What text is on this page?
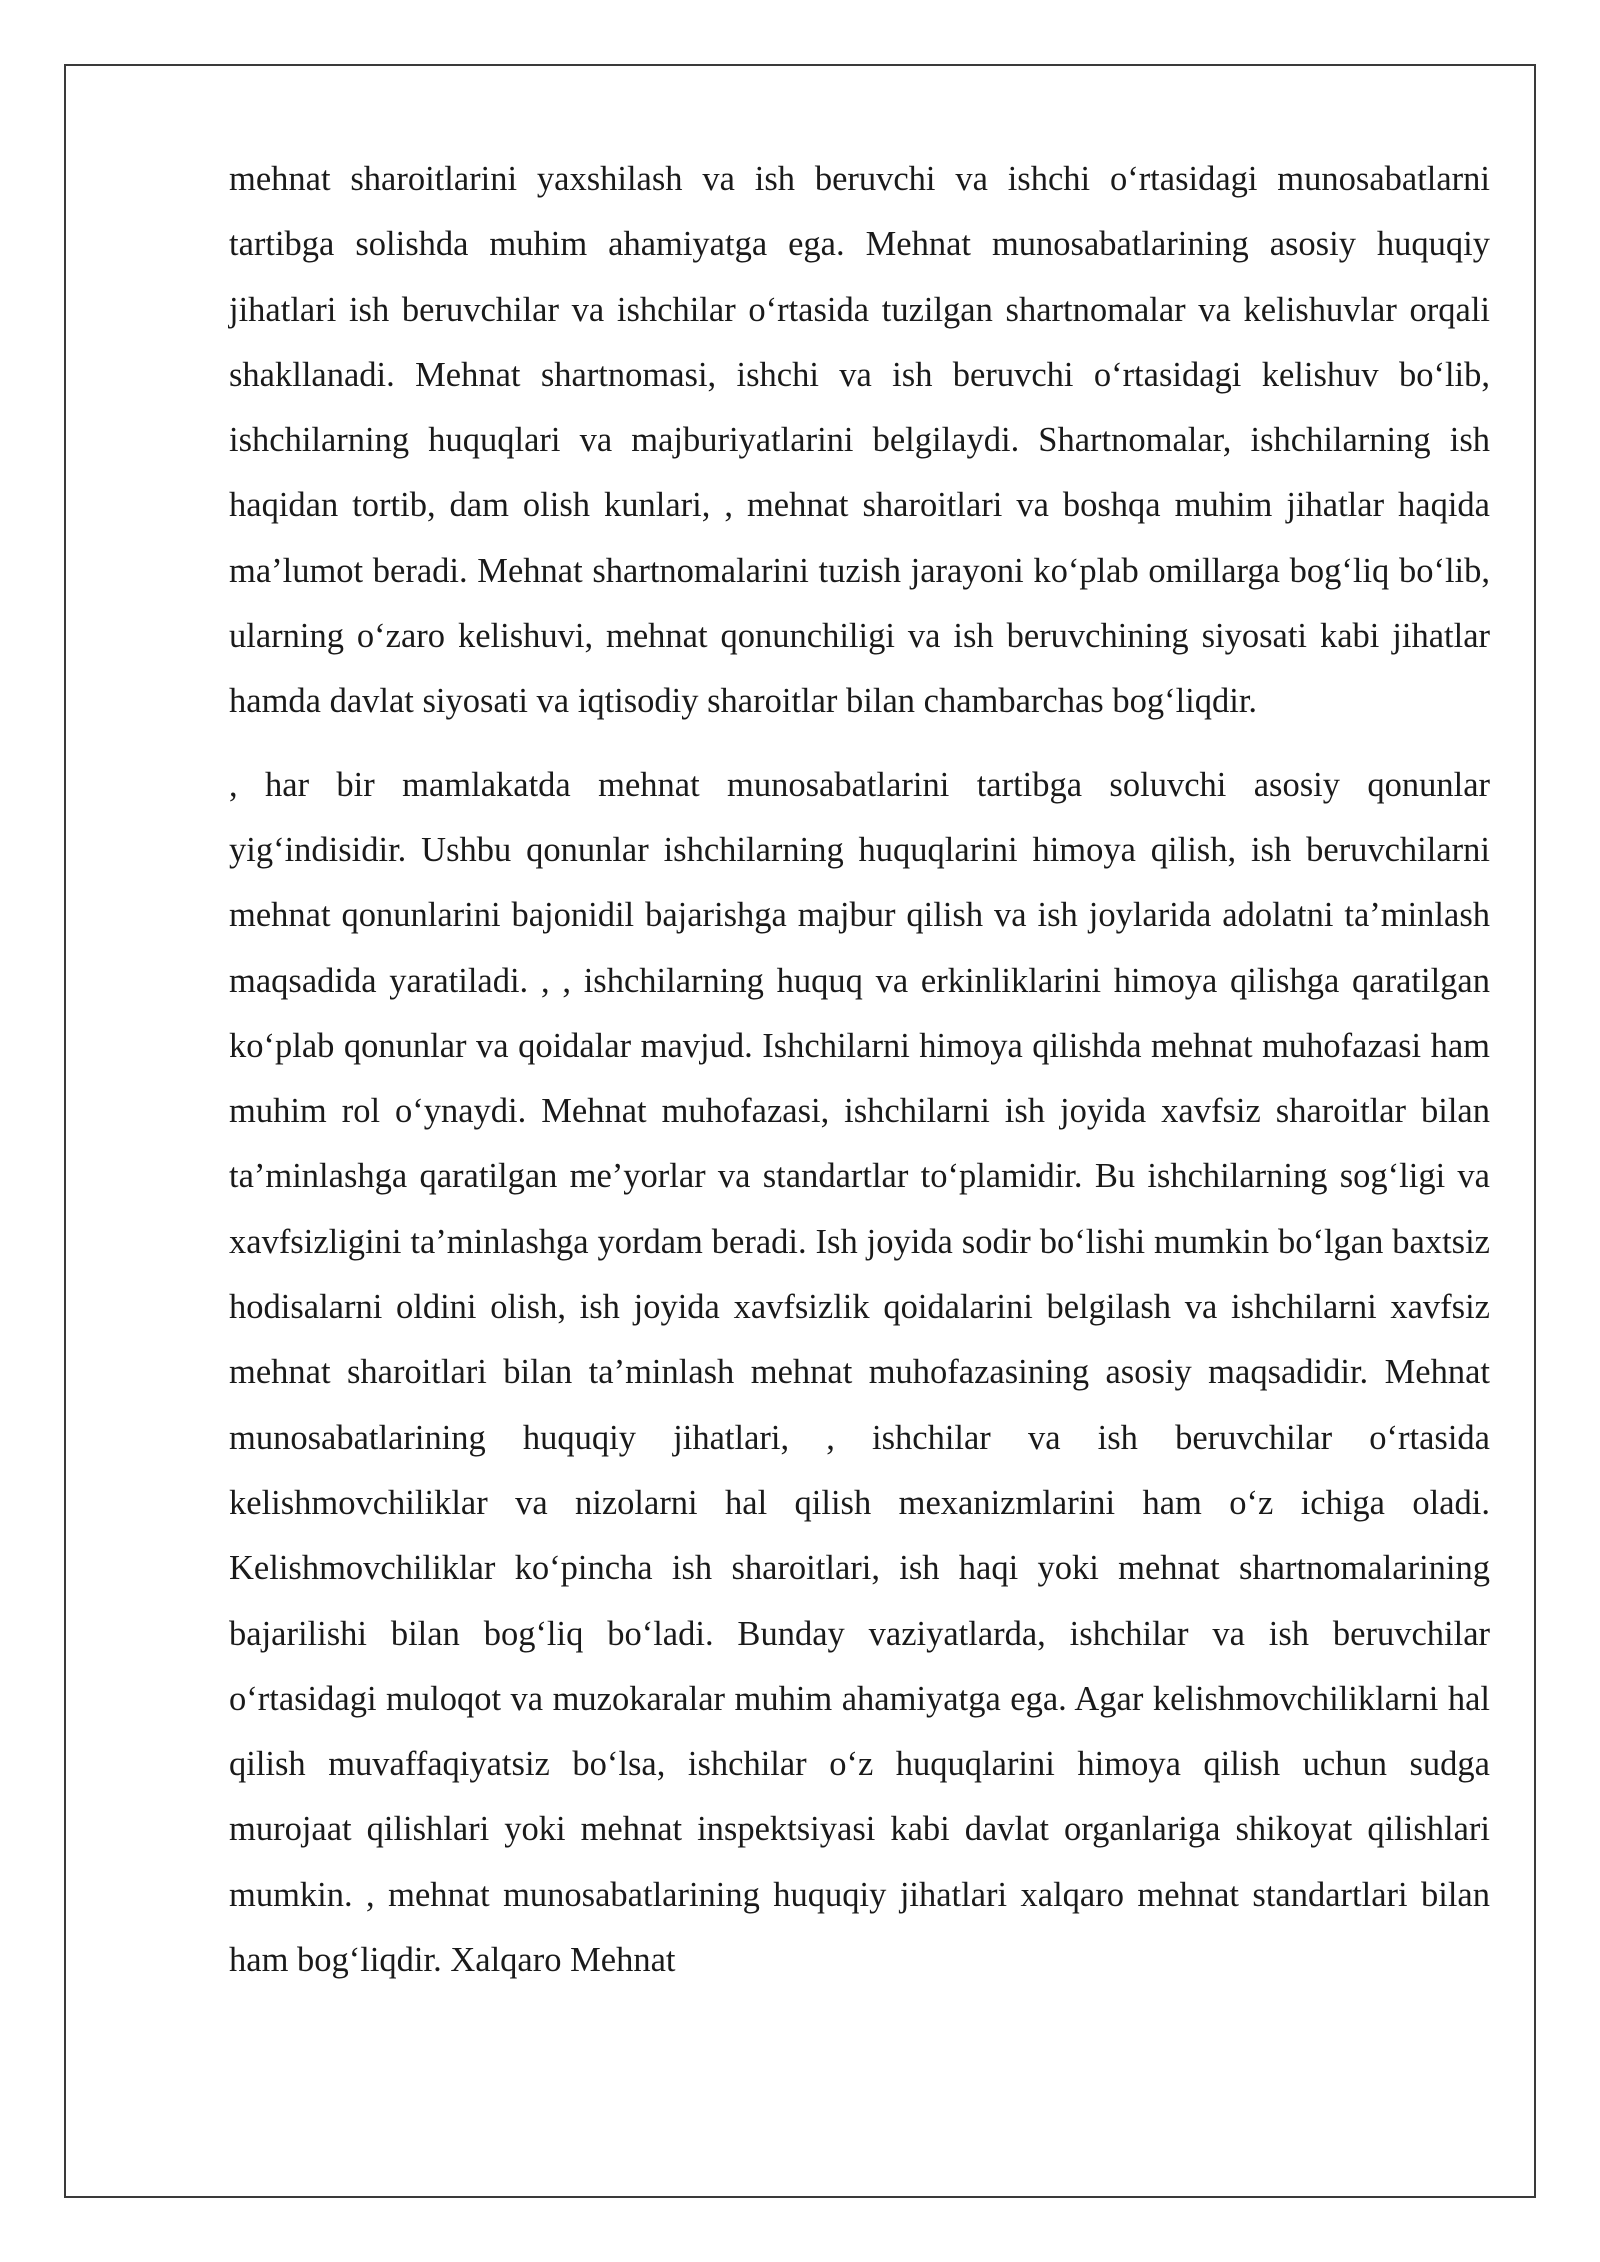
mehnat sharoitlarini yaxshilash va ish beruvchi va ishchi o‘rtasidagi munosabatlarni tartibga solishda muhim ahamiyatga ega. Mehnat munosabatlarining asosiy huquqiy jihatlari ish beruvchilar va ishchilar o‘rtasida tuzilgan shartnomalar va kelishuvlar orqali shakllanadi. Mehnat shartnomasi, ishchi va ish beruvchi o‘rtasidagi kelishuv bo‘lib, ishchilarning huquqlari va majburiyatlarini belgilaydi. Shartnomalar, ishchilarning ish haqidan tortib, dam olish kunlari, , mehnat sharoitlari va boshqa muhim jihatlar haqida ma’lumot beradi. Mehnat shartnomalarini tuzish jarayoni ko‘plab omillarga bog‘liq bo‘lib, ularning o‘zaro kelishuvi, mehnat qonunchiligi va ish beruvchining siyosati kabi jihatlar hamda davlat siyosati va iqtisodiy sharoitlar bilan chambarchas bog‘liqdir.

, har bir mamlakatda mehnat munosabatlarini tartibga soluvchi asosiy qonunlar yig‘indisidir. Ushbu qonunlar ishchilarning huquqlarini himoya qilish, ish beruvchilarni mehnat qonunlarini bajonidil bajarishga majbur qilish va ish joylarida adolatni ta’minlash maqsadida yaratiladi. , , ishchilarning huquq va erkinliklarini himoya qilishga qaratilgan ko‘plab qonunlar va qoidalar mavjud. Ishchilarni himoya qilishda mehnat muhofazasi ham muhim rol o‘ynaydi. Mehnat muhofazasi, ishchilarni ish joyida xavfsiz sharoitlar bilan ta’minlashga qaratilgan me’yorlar va standartlar to‘plamidir. Bu ishchilarning sog‘ligi va xavfsizligini ta’minlashga yordam beradi. Ish joyida sodir bo‘lishi mumkin bo‘lgan baxtsiz hodisalarni oldini olish, ish joyida xavfsizlik qoidalarini belgilash va ishchilarni xavfsiz mehnat sharoitlari bilan ta’minlash mehnat muhofazasining asosiy maqsadidir. Mehnat munosabatlarining huquqiy jihatlari, , ishchilar va ish beruvchilar o‘rtasida kelishmovchiliklar va nizolarni hal qilish mexanizmlarini ham o‘z ichiga oladi. Kelishmovchiliklar ko‘pincha ish sharoitlari, ish haqi yoki mehnat shartnomalarining bajarilishi bilan bog‘liq bo‘ladi. Bunday vaziyatlarda, ishchilar va ish beruvchilar o‘rtasidagi muloqot va muzokaralar muhim ahamiyatga ega. Agar kelishmovchiliklarni hal qilish muvaffaqiyatsiz bo‘lsa, ishchilar o‘z huquqlarini himoya qilish uchun sudga murojaat qilishlari yoki mehnat inspektsiyasi kabi davlat organlariga shikoyat qilishlari mumkin. , mehnat munosabatlarining huquqiy jihatlari xalqaro mehnat standartlari bilan ham bog‘liqdir. Xalqaro Mehnat
